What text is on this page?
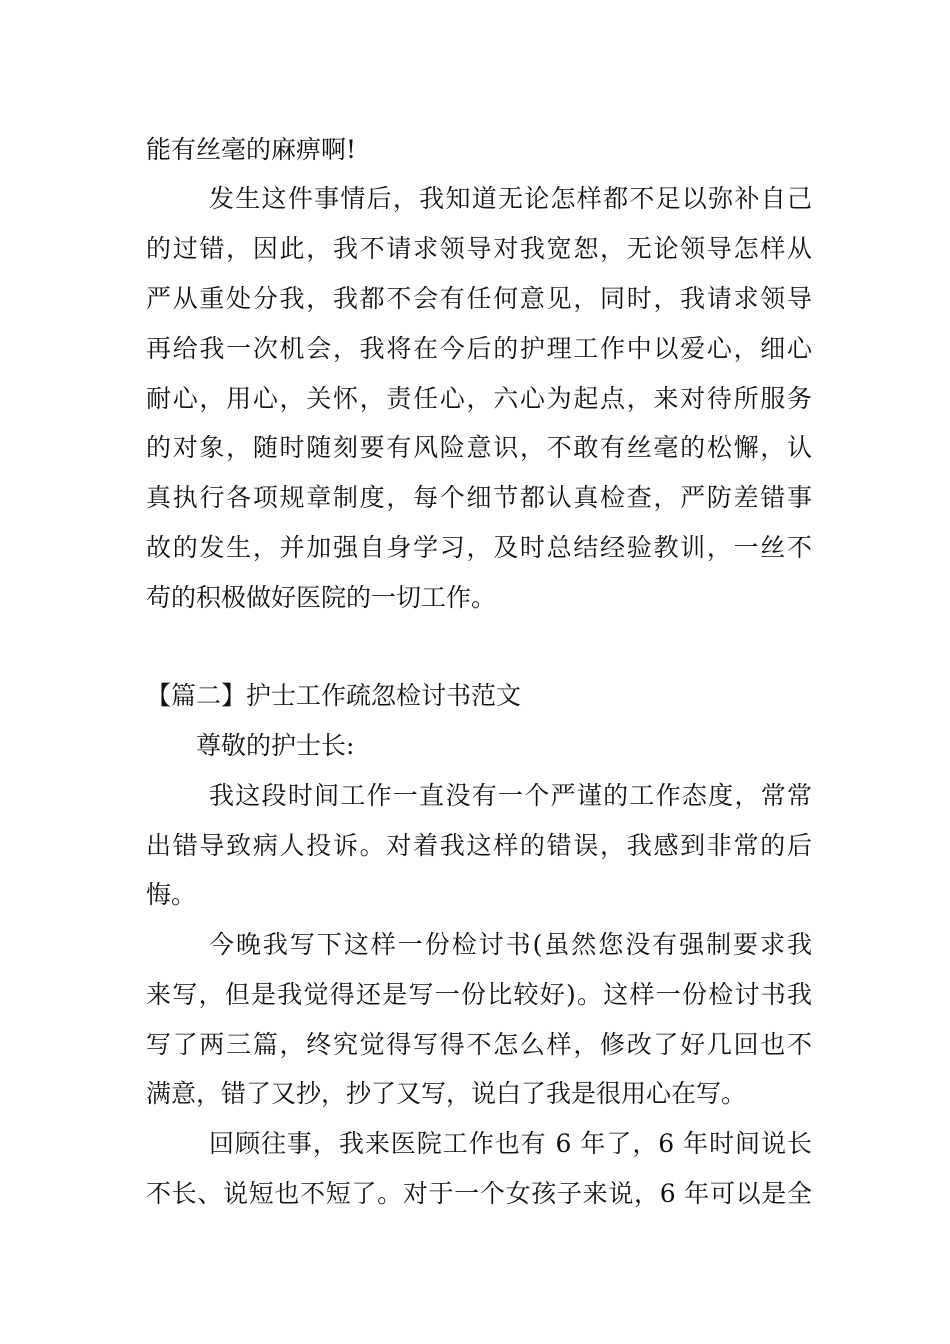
能有丝毫的麻痹啊!
发生这件事情后，我知道无论怎样都不足以弥补自己
的过错，因此，我不请求领导对我宽恕，无论领导怎样从
严从重处分我，我都不会有任何意见，同时，我请求领导
再给我一次机会，我将在今后的护理工作中以爱心，细心
耐心，用心，关怀，责任心，六心为起点，来对待所服务
的对象，随时随刻要有风险意识，不敢有丝毫的松懈，认
真执行各项规章制度，每个细节都认真检查，严防差错事
故的发生，并加强自身学习，及时总结经验教训，一丝不
苟的积极做好医院的一切工作。
【篇二】护士工作疏忽检讨书范文
尊敬的护士长:
我这段时间工作一直没有一个严谨的工作态度，常常
出错导致病人投诉。对着我这样的错误，我感到非常的后
悔。
今晚我写下这样一份检讨书(虽然您没有强制要求我
来写，但是我觉得还是写一份比较好)。这样一份检讨书我
写了两三篇，终究觉得写得不怎么样，修改了好几回也不
满意，错了又抄，抄了又写，说白了我是很用心在写。
回顾往事，我来医院工作也有 6 年了，6 年时间说长
不长、说短也不短了。对于一个女孩子来说，6 年可以是全
